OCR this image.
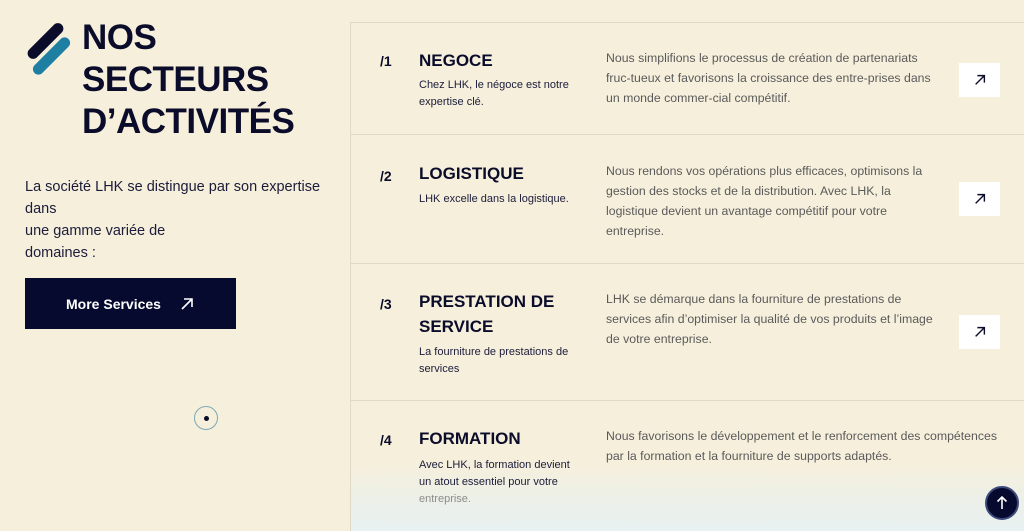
NOS
SECTEURS
D’ACTIVITÉS

La société LHK se distingue par son expertise dans
une gamme variée de
domaines :

More Services
/1 NEGOCE
Chez LHK, le négoce est notre
expertise clé.
Nous simplifions le processus de création de partenariats
fruc-tueux et favorisons la croissance des entre-prises dans
un monde commer-cial compétitif.
/2 LOGISTIQUE
LHK excelle dans la logistique.
Nous rendons vos opérations plus efficaces, optimisons la
gestion des stocks et de la distribution. Avec LHK, la
logistique devient un avantage compétitif pour votre
entreprise.
/3 PRESTATION DE
SERVICE
La fourniture de prestations de
services
LHK se démarque dans la fourniture de prestations de
services afin d’optimiser la qualité de vos produits et l’image
de votre entreprise.
/4 FORMATION
Avec LHK, la formation devient
un atout essentiel pour votre
entreprise.
Nous favorisons le développement et le renforcement des compétences
par la formation et la fourniture de supports adaptés.
